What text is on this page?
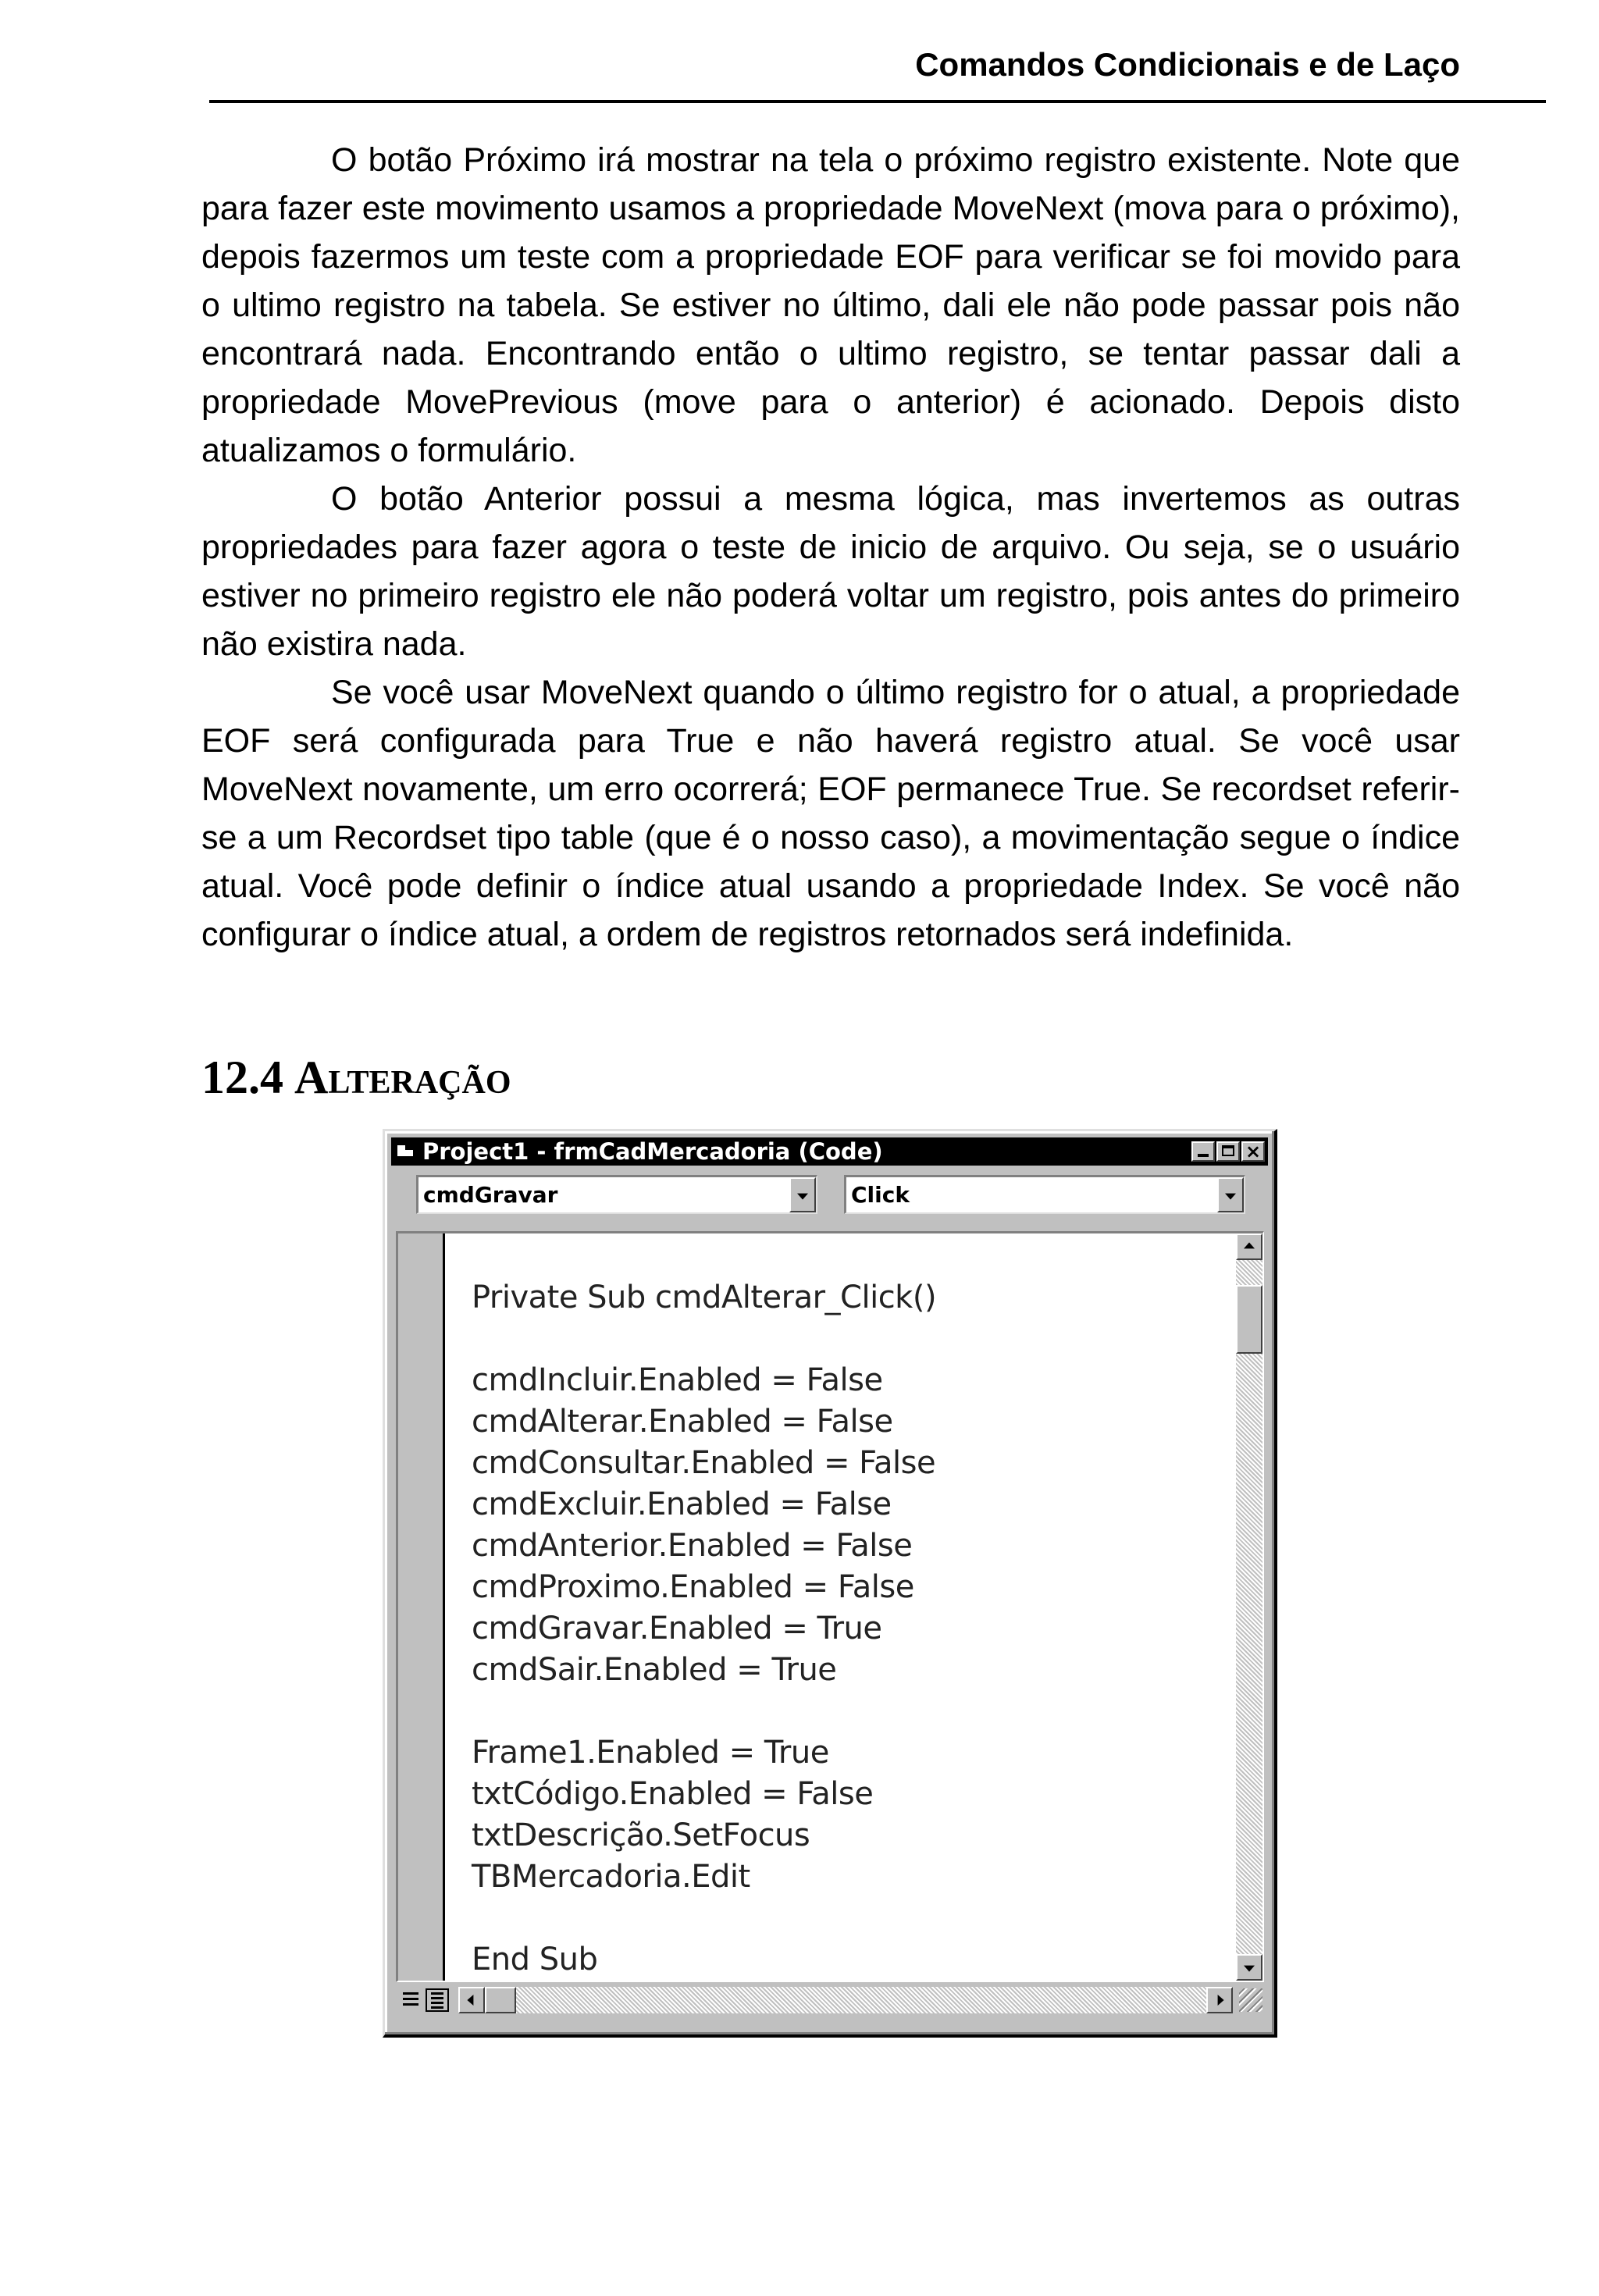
Comandos Condicionais e de Laço

O botão Próximo irá mostrar na tela o próximo registro existente. Note que para fazer este movimento usamos a propriedade MoveNext (mova para o próximo), depois fazermos um teste com a propriedade EOF para verificar se foi movido para o ultimo registro na tabela. Se estiver no último, dali ele não pode passar pois não encontrará nada. Encontrando então o ultimo registro, se tentar passar dali a propriedade MovePrevious (move para o anterior) é acionado. Depois disto atualizamos o formulário.

O botão Anterior possui a mesma lógica, mas invertemos as outras propriedades para fazer agora o teste de inicio de arquivo. Ou seja, se o usuário estiver no primeiro registro ele não poderá voltar um registro, pois antes do primeiro não existira nada.

Se você usar MoveNext quando o último registro for o atual, a propriedade EOF será configurada para True e não haverá registro atual. Se você usar MoveNext novamente, um erro ocorrerá; EOF permanece True. Se recordset referir-se a um Recordset tipo table (que é o nosso caso), a movimentação segue o índice atual. Você pode definir o índice atual usando a propriedade Index. Se você não configurar o índice atual, a ordem de registros retornados será indefinida.

12.4 Alteração
Project1 - frmCadMercadoria (Code)	×
cmdGravar	Click
Private Sub cmdAlterar_Click()
cmdIncluir.Enabled = False
cmdAlterar.Enabled = False
cmdConsultar.Enabled = False
cmdExcluir.Enabled = False
cmdAnterior.Enabled = False
cmdProximo.Enabled = False
cmdGravar.Enabled = True
cmdSair.Enabled = True
Frame1.Enabled = True
txtCódigo.Enabled = False
txtDescrição.SetFocus
TBMercadoria.Edit
End Sub
